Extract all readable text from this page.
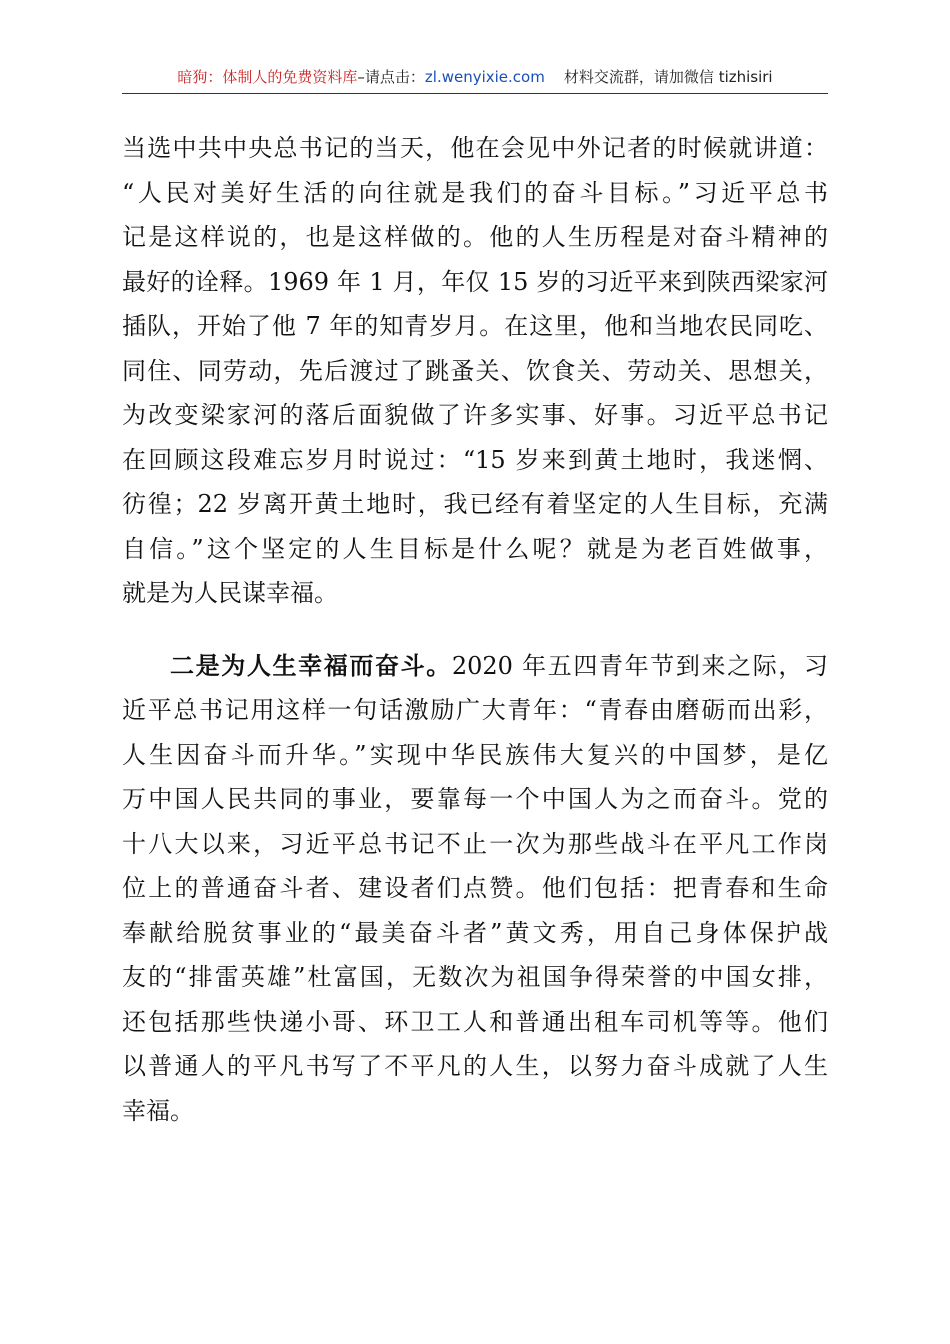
暗狗：体制人的免费资料库–请点击：zl.wenyixie.com 材料交流群，请加微信 tizhisiri
当选中共中央总书记的当天，他在会见中外记者的时候就讲道：
“人民对美好生活的向往就是我们的奋斗目标。”习近平总书
记是这样说的，也是这样做的。他的人生历程是对奋斗精神的
最好的诠释。1969 年 1 月，年仅 15 岁的习近平来到陕西梁家河
插队，开始了他 7 年的知青岁月。在这里，他和当地农民同吃、
同住、同劳动，先后渡过了跳蚤关、饮食关、劳动关、思想关，
为改变梁家河的落后面貌做了许多实事、好事。习近平总书记
在回顾这段难忘岁月时说过：“15 岁来到黄土地时，我迷惘、
彷徨；22 岁离开黄土地时，我已经有着坚定的人生目标，充满
自信。”这个坚定的人生目标是什么呢？就是为老百姓做事，
就是为人民谋幸福。
二是为人生幸福而奋斗。2020 年五四青年节到来之际，习
近平总书记用这样一句话激励广大青年：“青春由磨砺而出彩，
人生因奋斗而升华。”实现中华民族伟大复兴的中国梦，是亿
万中国人民共同的事业，要靠每一个中国人为之而奋斗。党的
十八大以来，习近平总书记不止一次为那些战斗在平凡工作岗
位上的普通奋斗者、建设者们点赞。他们包括：把青春和生命
奉献给脱贫事业的“最美奋斗者”黄文秀，用自己身体保护战
友的“排雷英雄”杜富国，无数次为祖国争得荣誉的中国女排，
还包括那些快递小哥、环卫工人和普通出租车司机等等。他们
以普通人的平凡书写了不平凡的人生，以努力奋斗成就了人生
幸福。
